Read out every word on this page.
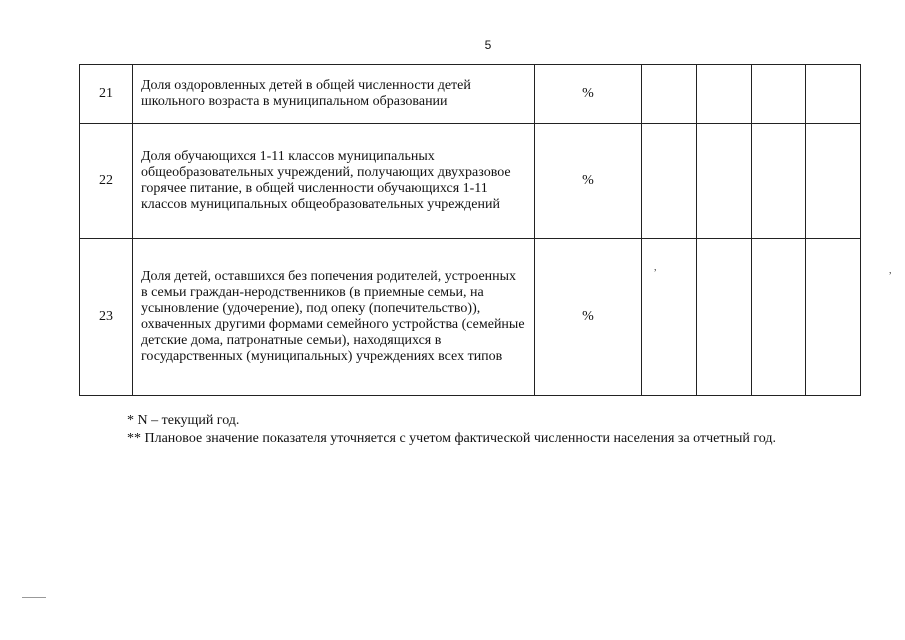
5
21	Доля оздоровленных детей в общей численности детей школьного возраста в муниципальном образовании	%				
22	Доля обучающихся 1-11 классов муниципальных общеобразовательных учреждений, получающих двухразовое горячее питание, в общей численности обучающихся 1-11 классов муниципальных общеобразовательных учреждений	%				
23	Доля детей, оставшихся без попечения родителей, устроенных в семьи граждан-неродственников (в приемные семьи, на усыновление (удочерение), под опеку (попечительство)), охваченных другими формами семейного устройства (семейные детские дома, патронатные семьи), находящихся в государственных (муниципальных) учреждениях всех типов	%				
,	,
* N – текущий год.
** Плановое значение показателя уточняется с учетом фактической численности населения за отчетный год.
